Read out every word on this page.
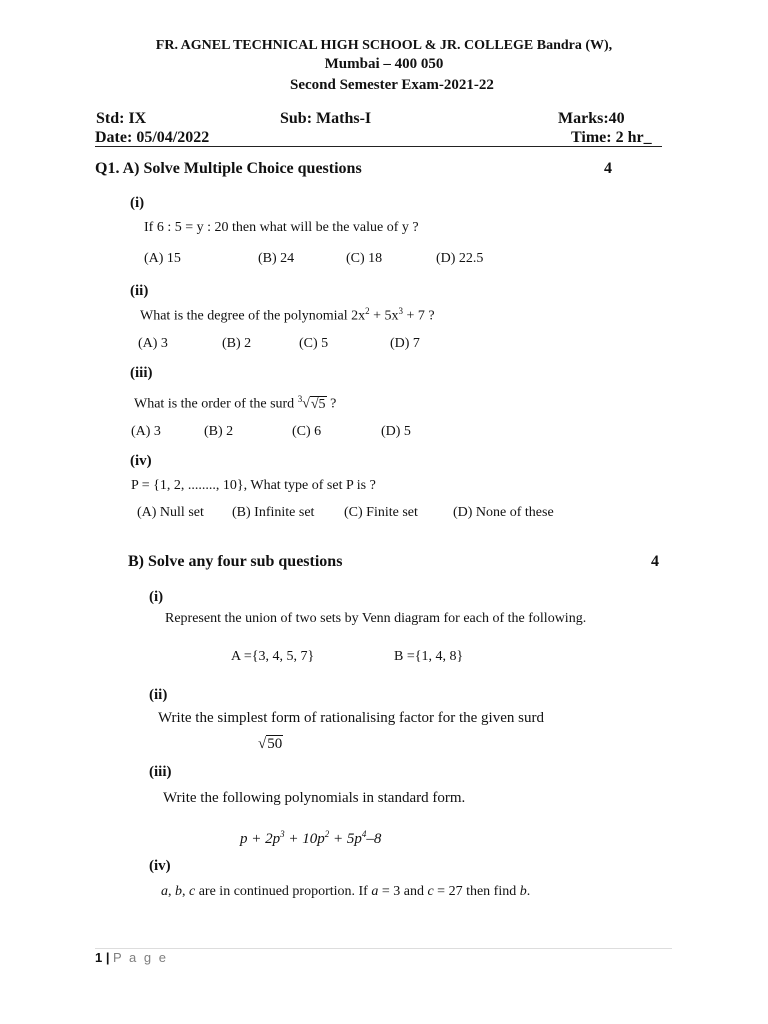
FR. AGNEL TECHNICAL HIGH SCHOOL & JR. COLLEGE Bandra (W),
Mumbai – 400 050
Second Semester Exam-2021-22
Std: IX	Sub: Maths-I	Marks:40
Date: 05/04/2022	Time: 2 hr_
Q1. A) Solve Multiple Choice questions	4
(i)
If 6 : 5 = y : 20 then what will be the value of y ?
(A) 15	(B) 24	(C) 18	(D) 22.5
(ii)
What is the degree of the polynomial $2x^2 + 5x^3 + 7$ ?
(A) 3	(B) 2	(C) 5	(D) 7
(iii)
What is the order of the surd $^3$√√5 ?
(A) 3	(B) 2	(C) 6	(D) 5
(iv)
P = {1, 2, ........, 10}, What type of set P is ?
(A) Null set (B) Infinite set (C) Finite set	(D) None of these
B) Solve any four sub questions	4
(i)
Represent the union of two sets by Venn diagram for each of the following.
A ={3, 4, 5, 7}	B ={1, 4, 8}
(ii)
Write the simplest form of rationalising factor for the given surd
√50
(iii)
Write the following polynomials in standard form.
$p + 2p^3 + 10p^2 + 5p^4-8$
(iv)
a, b, c are in continued proportion. If a = 3 and c = 27 then find b.
1 | P a g e
